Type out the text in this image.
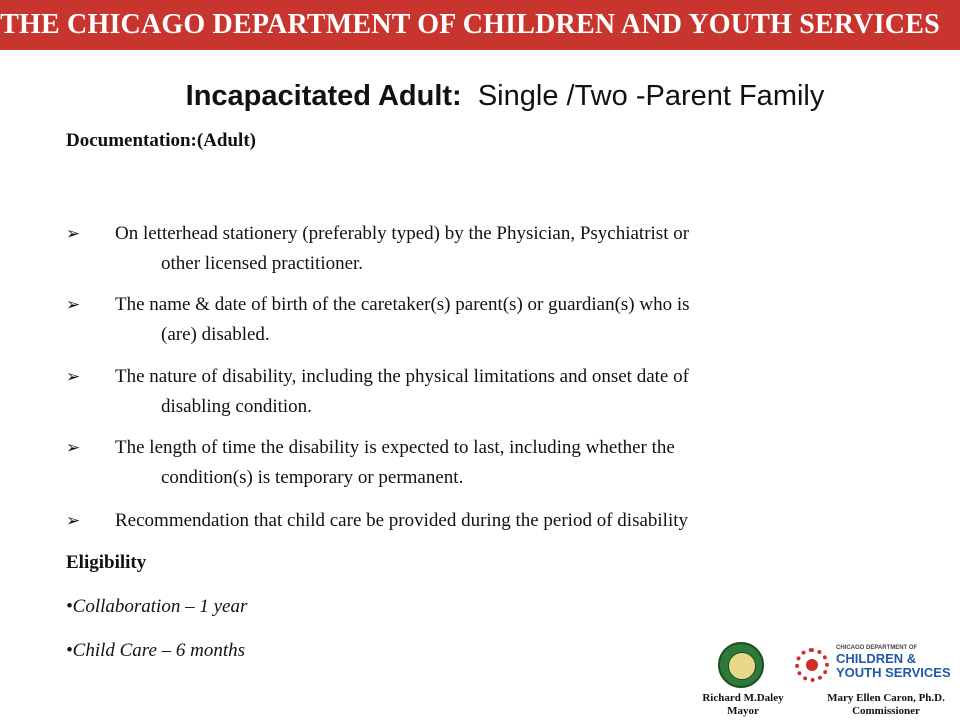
THE CHICAGO DEPARTMENT OF CHILDREN AND YOUTH SERVICES
Incapacitated Adult: Single /Two -Parent Family
Documentation:(Adult)
➢	On letterhead stationery (preferably typed) by the Physician, Psychiatrist or
other licensed practitioner.
➢	The name & date of birth of the caretaker(s) parent(s) or guardian(s) who is
(are) disabled.
➢	The nature of disability, including the physical limitations and onset date of
disabling condition.
➢	The length of time the disability is expected to last, including whether the
condition(s) is temporary or permanent.
➢	Recommendation that child care be provided during the period of disability
Eligibility
•Collaboration – 1 year
•Child Care – 6 months
Richard M.Daley
Mayor
CHICAGO DEPARTMENT OF
CHILDREN &
YOUTH SERVICES
Mary Ellen Caron, Ph.D.
Commissioner
